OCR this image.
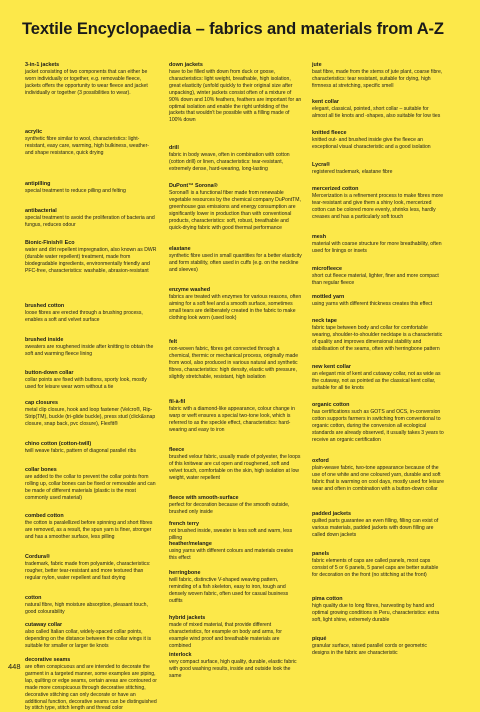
Textile Encyclopaedia – fabrics and materials from A-Z
3-in-1 jackets
jacket consisting of two components that can either be worn individually or together, e.g. removable fleece, jackets offers the opportunity to wear fleece and jacket individually or together (3 possibilities to wear).
acrylic
synthetic fibre similar to wool, characteristics: light-resistant, easy care, warming, high bulkiness, weather- and shape resistance, quick drying
antipilling
special treatment to reduce pilling and felting
antibacterial
special treatment to avoid the proliferation of bacteria and fungus, reduces odour
Bionic-Finish® Eco
water and dirt repellent impregnation, also known as DWR (durable water repellent) treatment, made from biodegradable ingredients, environmentally friendly and PFC-free, characteristics: washable, abrasion-resistant
brushed cotton
loose fibres are erected through a brushing process, enables a soft and velvet surface
brushed inside
sweaters are roughened inside after knitting to obtain the soft and warming fleece lining
button-down collar
collar points are fixed with buttons, sporty look, mostly used for leisure wear worn without a tie
cap closures
metal clip closure, hook and loop fastener (Velcro®, Rip-Strip(TM), buckle (tri-glide buckle), press stud (click&snap closure, snap back, pvc closure), Flexfit®
chino cotton (cotton-twill)
twill weave fabric, pattern of diagonal parallel ribs
collar bones
are added to the collar to prevent the collar points from rolling up, collar bones can be fixed or removable and can be made of different materials (plastic is the most commonly used material)
combed cotton
the cotton is paralellized before spinning and short fibres are removed, as a result, the spun yarn is finer, stronger and has a smoother surface, less pilling
Cordura®
trademark, fabric made from polyamide, characteristics: rougher, better tear-resistant and more textured than regular nylon, water repellent and fast drying
cotton
natural fibre, high moisture absorption, pleasant touch, good colourability
cutaway collar
also called Italian collar, widely-spaced collar points, depending on the distance between the collar wings it is suitable for smaller or larger tie knots
decorative seams
are often conspicuous and are intended to decorate the garment in a targeted manner, some examples are piping, lap, quilting or edge seams, certain areas are contoured or made more conspicuous through decorative stitching, decorative stitching can only decorate or have an additional function, decorative seams can be distinguished by stitch type, stitch length and thread color
down jackets
have to be filled with down from duck or goose, characteristics: light weight, breathable, high isolation, great elasticity (unfold quickly to their original size after unpacking), winter jackets consist often of a mixture of 90% down and 10% feathers, feathers are important for an optimal isolation and enable the right unfolding of the jackets that wouldn't be possible with a filling made of 100% down
drill
fabric in body weave, often in combination with cotton (cotton drill) or linen, characteristics: tear-resistant, extremely dense, hard-wearing, long-lasting
DuPont™ Sorona®
Sorona® is a functional fiber made from renewable vegetable resources by the chemical company DuPontTM, greenhouse gas emissions and energy consumption are significantly lower in production than with conventional products, characteristics: soft, robust, breathable and quick-drying fabric with good thermal performance
elastane
synthetic fibre used in small quantities for a better elasticity and form stability, often used in cuffs (e.g. on the neckline and sleeves)
enzyme washed
fabrics are treated with enzymes for various reasons, often aiming for a soft feel and a smooth surface, sometimes small tears are deliberately created in the fabric to make clothing look worn (used look)
felt
non-woven fabric, fibres get connected through a chemical, thermic or mechanical process, originally made from wool, also produced in various natural and synthetic fibres, characteristics: high density, elastic with pressure, slightly stretchable, resistant, high isolation
fil-à-fil
fabric with a diamond-like appearance, colour change in warp or weft ensures a special two-tone look, which is referred to as the speckle effect, characteristics: hard-wearing and easy to iron
fleece
brushed velour fabric, usually made of polyester, the loops of this knitwear are cut open and roughened, soft and velvet touch, comfortable on the skin, high isolation at low weight, water repellent
fleece with smooth-surface
perfect for decoration because of the smooth outside, brushed only inside
french terry
not brushed inside, sweater is less soft and warm, less pilling
heather/melange
using yarns with different colours and materials creates this effect
herringbone
twill fabric, distinctive V-shaped weaving pattern, reminding of a fish skeleton, easy to iron, tough and densely woven fabric, often used for casual business outfits
hybrid jackets
made of mixed material, that provide different characteristics, for example on body and arms, for example wind proof and breathable materials are combined
interlock
very compact surface, high quality, durable, elastic fabric with good washing results, inside and outside look the same
jute
bast fibre, made from the stems of jute plant, coarse fibre, characteristics: tear resistant, suitable for dying, high firmness at stretching, specific smell
kent collar
elegant, classical, pointed, short collar – suitable for almost all tie knots and -shapes, also suitable for low ties
knitted fleece
knitted out- and brushed inside give the fleece an exceptional visual characteristic and a good isolation
Lycra®
registered trademark, elastane fibre
mercerized cotton
Mercerization is a refinement process to make fibres more tear-resistant and give them a shiny look, mercerized cotton can be colored more evenly, shrinks less, hardly creases and has a particularly soft touch
mesh
material with coarse structure for more breathability, often used for linings or insets
microfleece
short cut fleece material, lighter, finer and more compact than regular fleece
mottled yarn
using yarns with different thickness creates this effect
neck tape
fabric tape between body and collar for comfortable wearing, shoulder-to-shoulder necktape is a characteristic of quality and improves dimensional stability and stabilisation of the seams, often with herringbone pattern
new kent collar
an elegant mix of kent and cutaway collar, not as wide as the cutaway, not as pointed as the classical kent collar, suitable for all tie knots
organic cotton
has certifications such as GOTS and OCS, in-conversion cotton supports farmers in switching from conventional to organic cotton, during the conversion all ecological standards are already observed, it usually takes 3 years to receive an organic certification
oxford
plain-weave fabric, two-tone appearance because of the use of one white and one coloured yarn, durable and soft fabric that is warming on cool days, mostly used for leisure wear and often in combination with a button-down collar
padded jackets
quilted parts guarantee an even filling, filling can exist of various materials, padded jackets with down filling are called down jackets
panels
fabric elements of caps are called panels, most caps consist of 5 or 6 panels, 5 panel caps are better suitable for decoration on the front (no stitching at the front)
pima cotton
high quality due to long fibres, harvesting by hand and optimal growing conditions in Peru, characteristics: extra soft, light shine, extremely durable
piqué
granular surface, raised parallel cords or geometric designs in the fabric are characteristic
448
